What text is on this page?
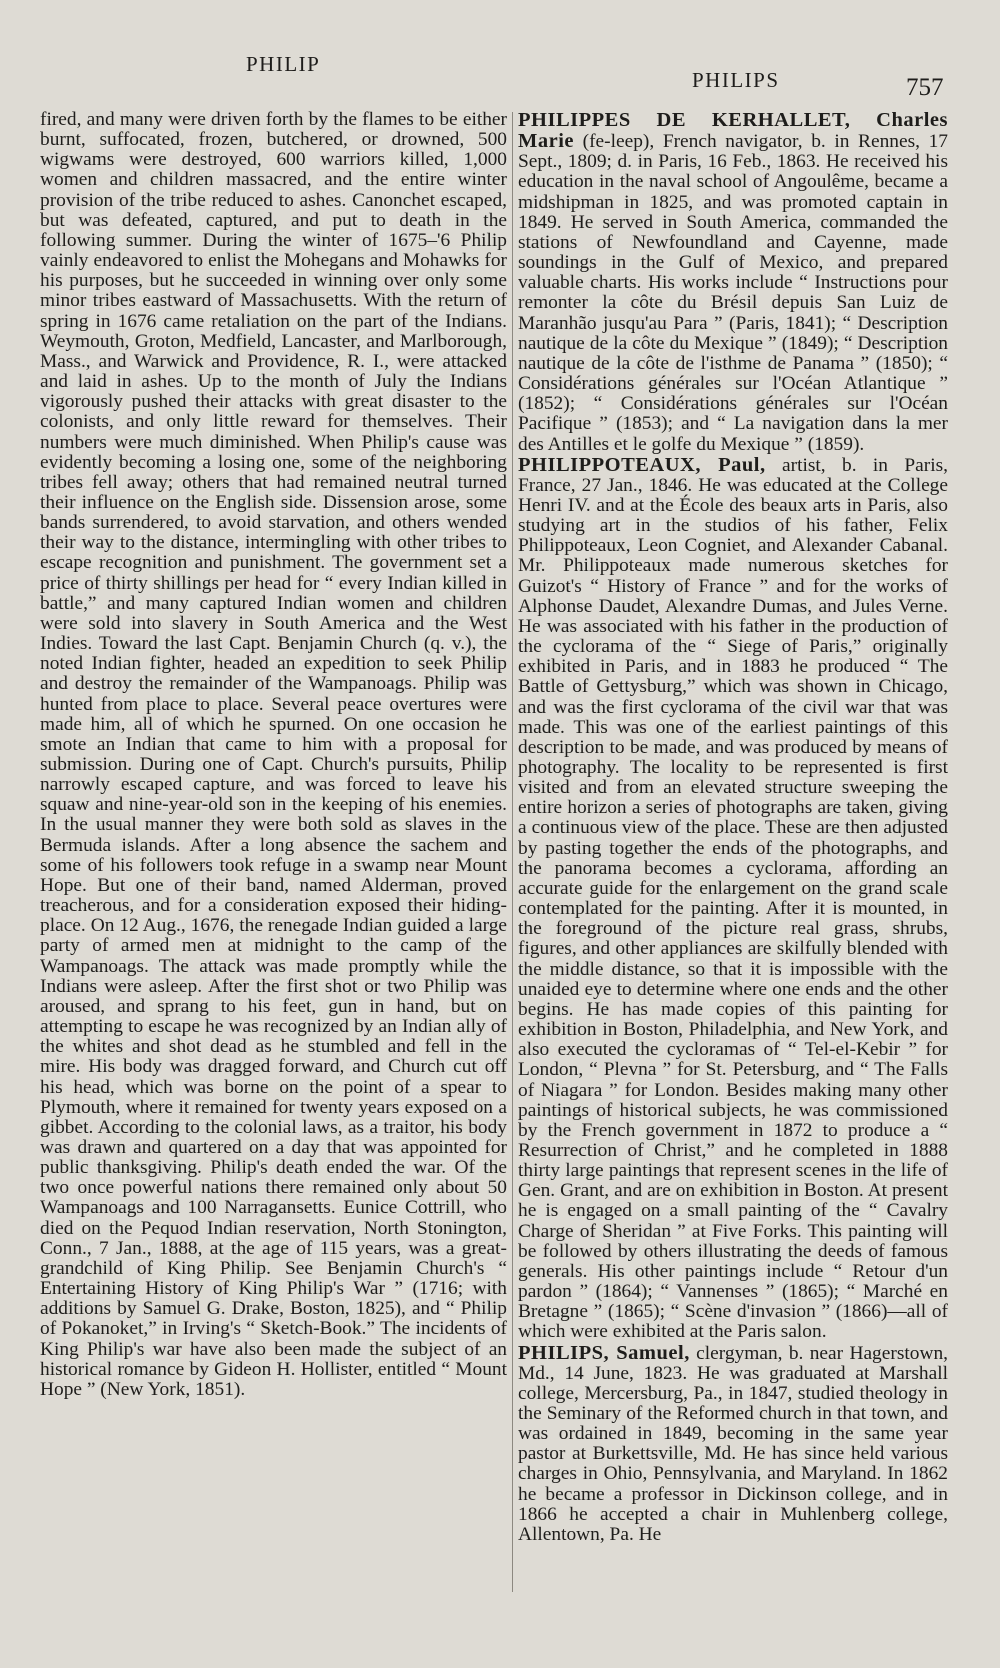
PHILIP
PHILIPS	757

fired, and many were driven forth by the flames to be either burnt, suffocated, frozen, butchered, or drowned, 500 wigwams were destroyed, 600 warriors killed, 1,000 women and children massacred, and the entire winter provision of the tribe reduced to ashes. Canonchet escaped, but was defeated, captured, and put to death in the following summer. During the winter of 1675–'6 Philip vainly endeavored to enlist the Mohegans and Mohawks for his purposes, but he succeeded in winning over only some minor tribes eastward of Massachusetts. With the return of spring in 1676 came retaliation on the part of the Indians. Weymouth, Groton, Medfield, Lancaster, and Marlborough, Mass., and Warwick and Providence, R. I., were attacked and laid in ashes. Up to the month of July the Indians vigorously pushed their attacks with great disaster to the colonists, and only little reward for themselves. Their numbers were much diminished. When Philip's cause was evidently becoming a losing one, some of the neighboring tribes fell away; others that had remained neutral turned their influence on the English side. Dissension arose, some bands surrendered, to avoid starvation, and others wended their way to the distance, intermingling with other tribes to escape recognition and punishment. The government set a price of thirty shillings per head for “ every Indian killed in battle,” and many captured Indian women and children were sold into slavery in South America and the West Indies. Toward the last Capt. Benjamin Church (q. v.), the noted Indian fighter, headed an expedition to seek Philip and destroy the remainder of the Wampanoags. Philip was hunted from place to place. Several peace overtures were made him, all of which he spurned. On one occasion he smote an Indian that came to him with a proposal for submission. During one of Capt. Church's pursuits, Philip narrowly escaped capture, and was forced to leave his squaw and nine-year-old son in the keeping of his enemies. In the usual manner they were both sold as slaves in the Bermuda islands. After a long absence the sachem and some of his followers took refuge in a swamp near Mount Hope. But one of their band, named Alderman, proved treacherous, and for a consideration exposed their hiding-place. On 12 Aug., 1676, the renegade Indian guided a large party of armed men at midnight to the camp of the Wampanoags. The attack was made promptly while the Indians were asleep. After the first shot or two Philip was aroused, and sprang to his feet, gun in hand, but on attempting to escape he was recognized by an Indian ally of the whites and shot dead as he stumbled and fell in the mire. His body was dragged forward, and Church cut off his head, which was borne on the point of a spear to Plymouth, where it remained for twenty years exposed on a gibbet. According to the colonial laws, as a traitor, his body was drawn and quartered on a day that was appointed for public thanksgiving. Philip's death ended the war. Of the two once powerful nations there remained only about 50 Wampanoags and 100 Narragansetts. Eunice Cottrill, who died on the Pequod Indian reservation, North Stonington, Conn., 7 Jan., 1888, at the age of 115 years, was a great-grandchild of King Philip. See Benjamin Church's “ Entertaining History of King Philip's War ” (1716; with additions by Samuel G. Drake, Boston, 1825), and “ Philip of Pokanoket,” in Irving's “ Sketch-Book.” The incidents of King Philip's war have also been made the subject of an historical romance by Gideon H. Hollister, entitled “ Mount Hope ” (New York, 1851).

PHILIPPES DE KERHALLET, Charles Marie (fe-leep), French navigator, b. in Rennes, 17 Sept., 1809; d. in Paris, 16 Feb., 1863. He received his education in the naval school of Angoulême, became a midshipman in 1825, and was promoted captain in 1849. He served in South America, commanded the stations of Newfoundland and Cayenne, made soundings in the Gulf of Mexico, and prepared valuable charts. His works include “ Instructions pour remonter la côte du Brésil depuis San Luiz de Maranhão jusqu'au Para ” (Paris, 1841); “ Description nautique de la côte du Mexique ” (1849); “ Description nautique de la côte de l'isthme de Panama ” (1850); “ Considérations générales sur l'Océan Atlantique ” (1852); “ Considérations générales sur l'Océan Pacifique ” (1853); and “ La navigation dans la mer des Antilles et le golfe du Mexique ” (1859).

PHILIPPOTEAUX, Paul, artist, b. in Paris, France, 27 Jan., 1846. He was educated at the College Henri IV. and at the École des beaux arts in Paris, also studying art in the studios of his father, Felix Philippoteaux, Leon Cogniet, and Alexander Cabanal. Mr. Philippoteaux made numerous sketches for Guizot's “ History of France ” and for the works of Alphonse Daudet, Alexandre Dumas, and Jules Verne. He was associated with his father in the production of the cyclorama of the “ Siege of Paris,” originally exhibited in Paris, and in 1883 he produced “ The Battle of Gettysburg,” which was shown in Chicago, and was the first cyclorama of the civil war that was made. This was one of the earliest paintings of this description to be made, and was produced by means of photography. The locality to be represented is first visited and from an elevated structure sweeping the entire horizon a series of photographs are taken, giving a continuous view of the place. These are then adjusted by pasting together the ends of the photographs, and the panorama becomes a cyclorama, affording an accurate guide for the enlargement on the grand scale contemplated for the painting. After it is mounted, in the foreground of the picture real grass, shrubs, figures, and other appliances are skilfully blended with the middle distance, so that it is impossible with the unaided eye to determine where one ends and the other begins. He has made copies of this painting for exhibition in Boston, Philadelphia, and New York, and also executed the cycloramas of “ Tel-el-Kebir ” for London, “ Plevna ” for St. Petersburg, and “ The Falls of Niagara ” for London. Besides making many other paintings of historical subjects, he was commissioned by the French government in 1872 to produce a “ Resurrection of Christ,” and he completed in 1888 thirty large paintings that represent scenes in the life of Gen. Grant, and are on exhibition in Boston. At present he is engaged on a small painting of the “ Cavalry Charge of Sheridan ” at Five Forks. This painting will be followed by others illustrating the deeds of famous generals. His other paintings include “ Retour d'un pardon ” (1864); “ Vannenses ” (1865); “ Marché en Bretagne ” (1865); “ Scène d'invasion ” (1866)—all of which were exhibited at the Paris salon.

PHILIPS, Samuel, clergyman, b. near Hagerstown, Md., 14 June, 1823. He was graduated at Marshall college, Mercersburg, Pa., in 1847, studied theology in the Seminary of the Reformed church in that town, and was ordained in 1849, becoming in the same year pastor at Burkettsville, Md. He has since held various charges in Ohio, Pennsylvania, and Maryland. In 1862 he became a professor in Dickinson college, and in 1866 he accepted a chair in Muhlenberg college, Allentown, Pa. He
